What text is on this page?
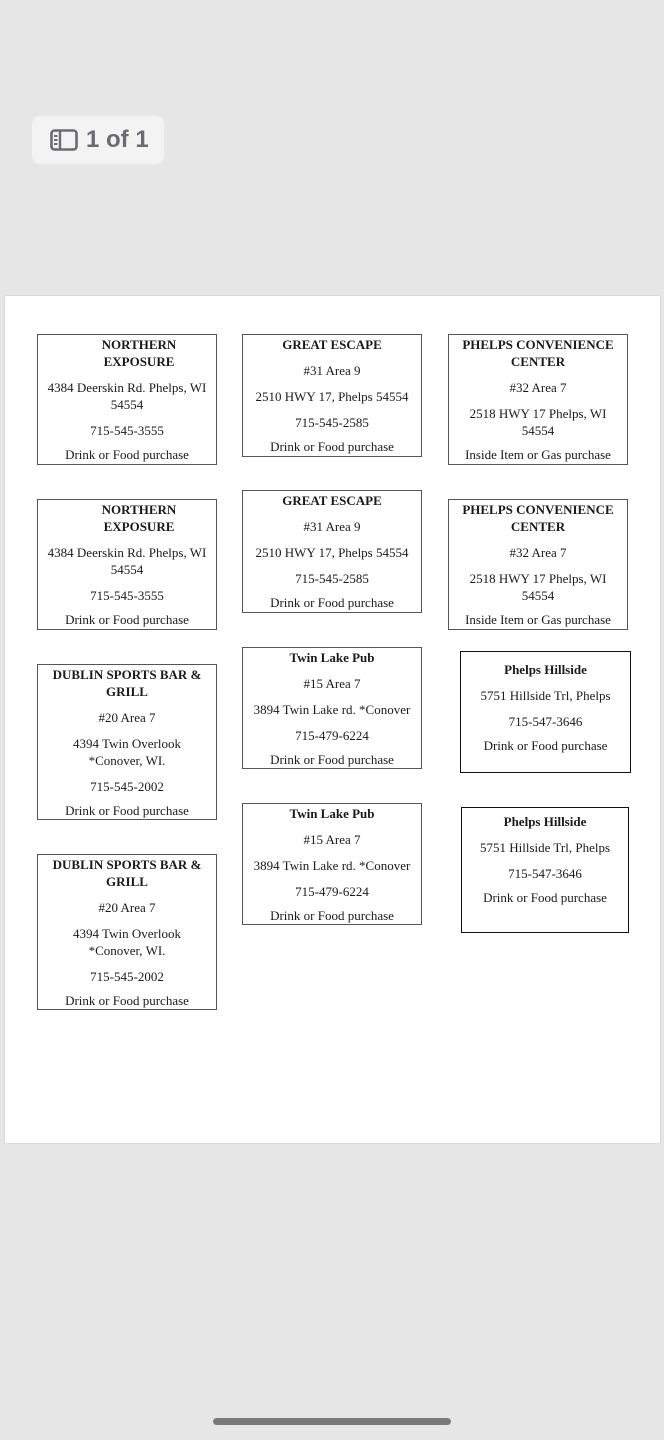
1 of 1
NORTHERN
EXPOSURE
4384 Deerskin Rd. Phelps, WI 54554
715-545-3555
Drink or Food purchase
GREAT ESCAPE
#31 Area 9
2510 HWY 17, Phelps 54554
715-545-2585
Drink or Food purchase
PHELPS CONVENIENCE CENTER
#32 Area 7
2518 HWY 17 Phelps, WI 54554
Inside Item or Gas purchase
NORTHERN
EXPOSURE
4384 Deerskin Rd. Phelps, WI 54554
715-545-3555
Drink or Food purchase
GREAT ESCAPE
#31 Area 9
2510 HWY 17, Phelps 54554
715-545-2585
Drink or Food purchase
PHELPS CONVENIENCE CENTER
#32 Area 7
2518 HWY 17 Phelps, WI 54554
Inside Item or Gas purchase
DUBLIN SPORTS BAR & GRILL
#20 Area 7
4394 Twin Overlook *Conover, WI.
715-545-2002
Drink or Food purchase
Twin Lake Pub
#15 Area 7
3894 Twin Lake rd. *Conover
715-479-6224
Drink or Food purchase
Phelps Hillside
5751 Hillside Trl, Phelps
715-547-3646
Drink or Food purchase
Twin Lake Pub
#15 Area 7
3894 Twin Lake rd. *Conover
715-479-6224
Drink or Food purchase
Phelps Hillside
5751 Hillside Trl, Phelps
715-547-3646
Drink or Food purchase
DUBLIN SPORTS BAR & GRILL
#20 Area 7
4394 Twin Overlook *Conover, WI.
715-545-2002
Drink or Food purchase
